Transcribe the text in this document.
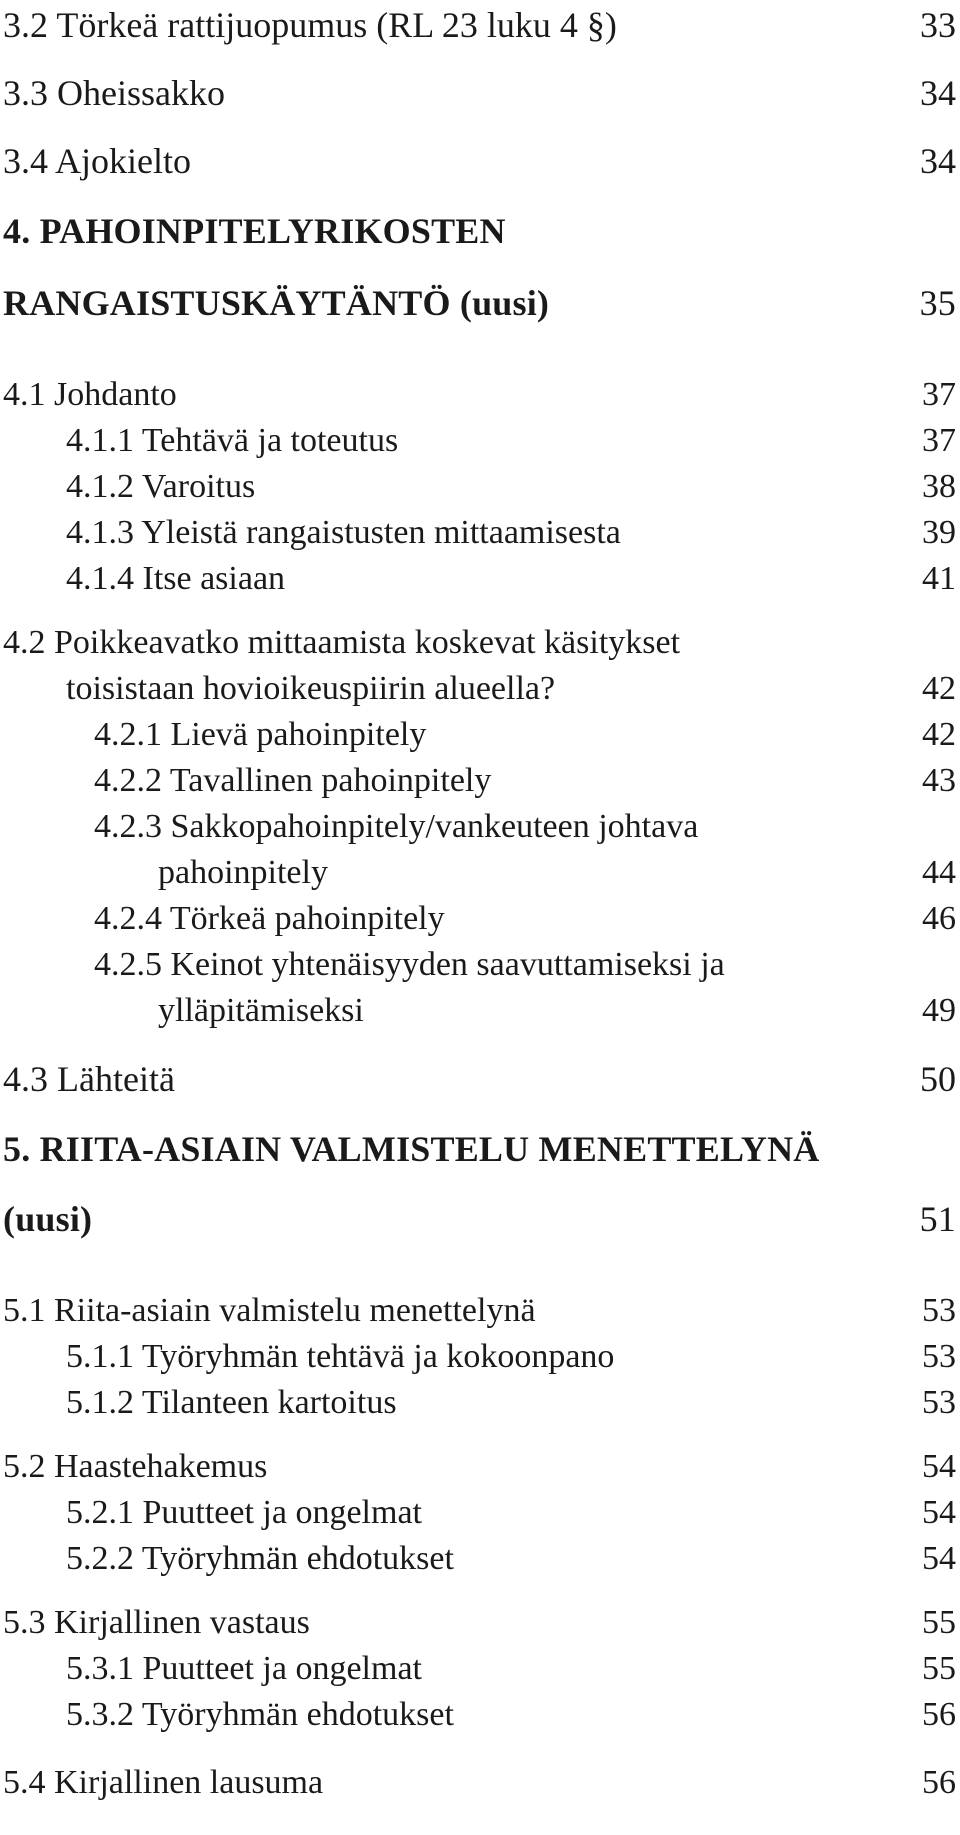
3.2 Törkeä rattijuopumus (RL 23 luku 4 §)	33
3.3 Oheissakko	34
3.4 Ajokielto	34
4. PAHOINPITELYRIKOSTEN
RANGAISTUSKÄYTÄNTÖ (uusi)	35
4.1 Johdanto	37
4.1.1 Tehtävä ja toteutus	37
4.1.2 Varoitus	38
4.1.3 Yleistä rangaistusten mittaamisesta	39
4.1.4 Itse asiaan	41
4.2 Poikkeavatko mittaamista koskevat käsitykset
toisistaan hovioikeuspiirin alueella?	42
4.2.1 Lievä pahoinpitely	42
4.2.2 Tavallinen pahoinpitely	43
4.2.3 Sakkopahoinpitely/vankeuteen johtava
pahoinpitely	44
4.2.4 Törkeä pahoinpitely	46
4.2.5 Keinot yhtenäisyyden saavuttamiseksi ja
ylläpitämiseksi	49
4.3 Lähteitä	50
5. RIITA-ASIAIN VALMISTELU MENETTELYNÄ
(uusi)	51
5.1 Riita-asiain valmistelu menettelynä	53
5.1.1 Työryhmän tehtävä ja kokoonpano	53
5.1.2 Tilanteen kartoitus	53
5.2 Haastehakemus	54
5.2.1 Puutteet ja ongelmat	54
5.2.2 Työryhmän ehdotukset	54
5.3 Kirjallinen vastaus	55
5.3.1 Puutteet ja ongelmat	55
5.3.2 Työryhmän ehdotukset	56
5.4 Kirjallinen lausuma	56
